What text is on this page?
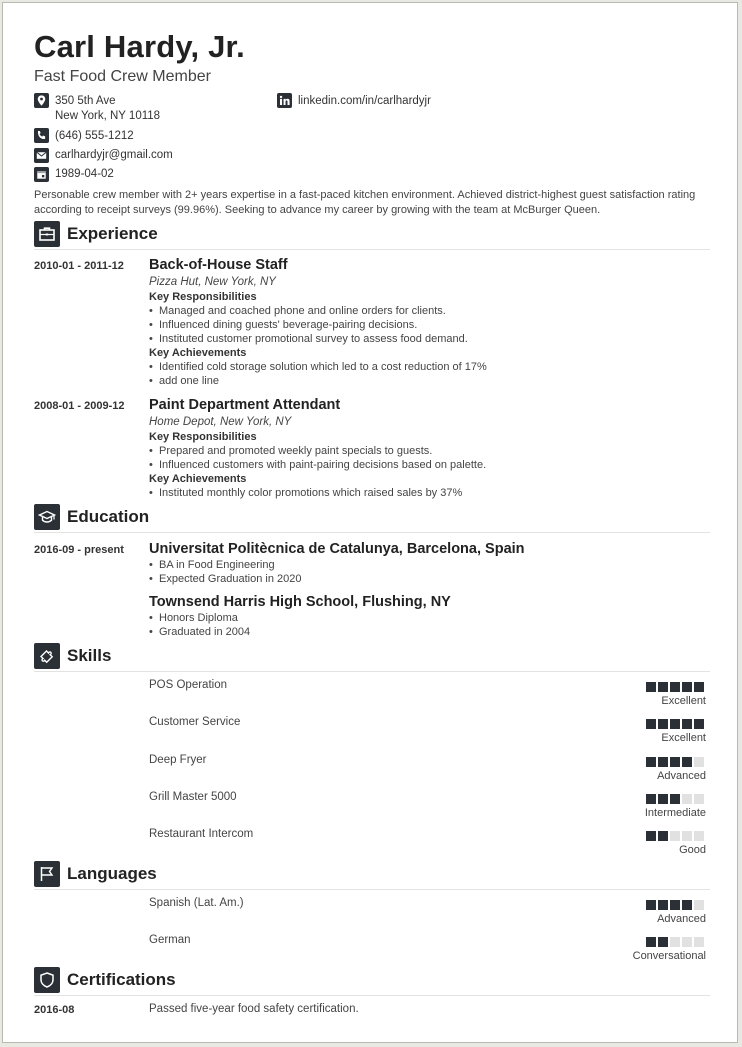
Carl Hardy, Jr.
Fast Food Crew Member
350 5th Ave
New York, NY 10118
(646) 555-1212
carlhardyjr@gmail.com
1989-04-02
linkedin.com/in/carlhardyjr
Personable crew member with 2+ years expertise in a fast-paced kitchen environment. Achieved district-highest guest satisfaction rating according to receipt surveys (99.96%). Seeking to advance my career by growing with the team at McBurger Queen.
Experience
2010-01 - 2011-12 Back-of-House Staff
Pizza Hut, New York, NY
Key Responsibilities
• Managed and coached phone and online orders for clients.
• Influenced dining guests' beverage-pairing decisions.
• Instituted customer promotional survey to assess food demand.
Key Achievements
• Identified cold storage solution which led to a cost reduction of 17%
• add one line
2008-01 - 2009-12 Paint Department Attendant
Home Depot, New York, NY
Key Responsibilities
• Prepared and promoted weekly paint specials to guests.
• Influenced customers with paint-pairing decisions based on palette.
Key Achievements
• Instituted monthly color promotions which raised sales by 37%
Education
2016-09 - present Universitat Politècnica de Catalunya, Barcelona, Spain
• BA in Food Engineering
• Expected Graduation in 2020
Townsend Harris High School, Flushing, NY
• Honors Diploma
• Graduated in 2004
Skills
POS Operation
Excellent
Customer Service
Excellent
Deep Fryer
Advanced
Grill Master 5000
Intermediate
Restaurant Intercom
Good
Languages
Spanish (Lat. Am.)
Advanced
German
Conversational
Certifications
2016-08	Passed five-year food safety certification.
